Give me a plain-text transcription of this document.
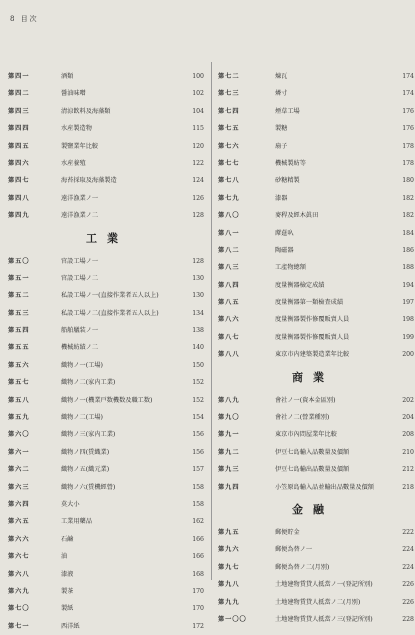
8 目次
第四一	酒類	100
第四二	醤油味噌	102
第四三	清涼飲料及海藻類	104
第四四	水産製造物	115
第四五	製鹽業年比較	120
第四六	水産養殖	122
第四七	海苔採取及海藻製造	124
第四八	遠洋漁業ノ一	126
第四九	遠洋漁業ノ二	128
工業
第五〇	官設工場ノ一	128
第五一	官設工場ノ二	130
第五二	私設工場ノ一(直接作業者五人以上)	130
第五三	私設工場ノ二(直接作業者五人以上)	134
第五四	船舶艤装ノ一	138
第五五	機械紡績ノ二	140
第五六	織物ノ一(工場)	150
第五七	織物ノ二(家内工業)	152
第五八	織物ノ一(機業戸数機数及職工数)	152
第五九	織物ノ二(工場)	154
第六〇	織物ノ三(家内工業)	156
第六一	織物ノ四(賃織業)	156
第六二	織物ノ五(織元業)	157
第六三	織物ノ六(賃機經營)	158
第六四	莫大小	158
第六五	工業用藥品	162
第六六	石鹼	166
第六七	油	166
第六八	漆液	168
第六九	製茶	170
第七〇	製紙	170
第七一	西洋紙	172
第七二	煉瓦	174
第七三	燐寸	174
第七四	煙草工場	176
第七五	製糖	176
第七六	扇子	178
第七七	機械製紡等	178
第七八	砂糖精製	180
第七九	漆器	182
第八〇	麥稈及經木眞田	182
第八一	蓆莚叺	184
第八二	陶磁器	186
第八三	工產物總額	188
第八四	度量衡器檢定成績	194
第八五	度量衡器第一類檢査成績	197
第八六	度量衡器製作修覆販賣人員	198
第八七	度量衡器製作修覆販賣人員	199
第八八	東京市内建築製造業年比較	200
商業
第八九	會社ノ一(資本金區別)	202
第九〇	會社ノ二(營業種別)	204
第九一	東京市內問屋業年比較	208
第九二	伊豆七島輸入品數量及價額	210
第九三	伊豆七島輸出品數量及價額	212
第九四	小笠原島輸入品並輸出品數量及價額	218
金融
第九五	郵便貯金	222
第九六	郵便為替ノ一	224
第九七	郵便為替ノ二(月別)	224
第九八	土地建物賃貸人抵當ノ一(登記所別)	226
第九九	土地建物賃貸人抵當ノ二(月別)	226
第一〇〇	土地建物賃貸人抵當ノ三(登記所別)	228
